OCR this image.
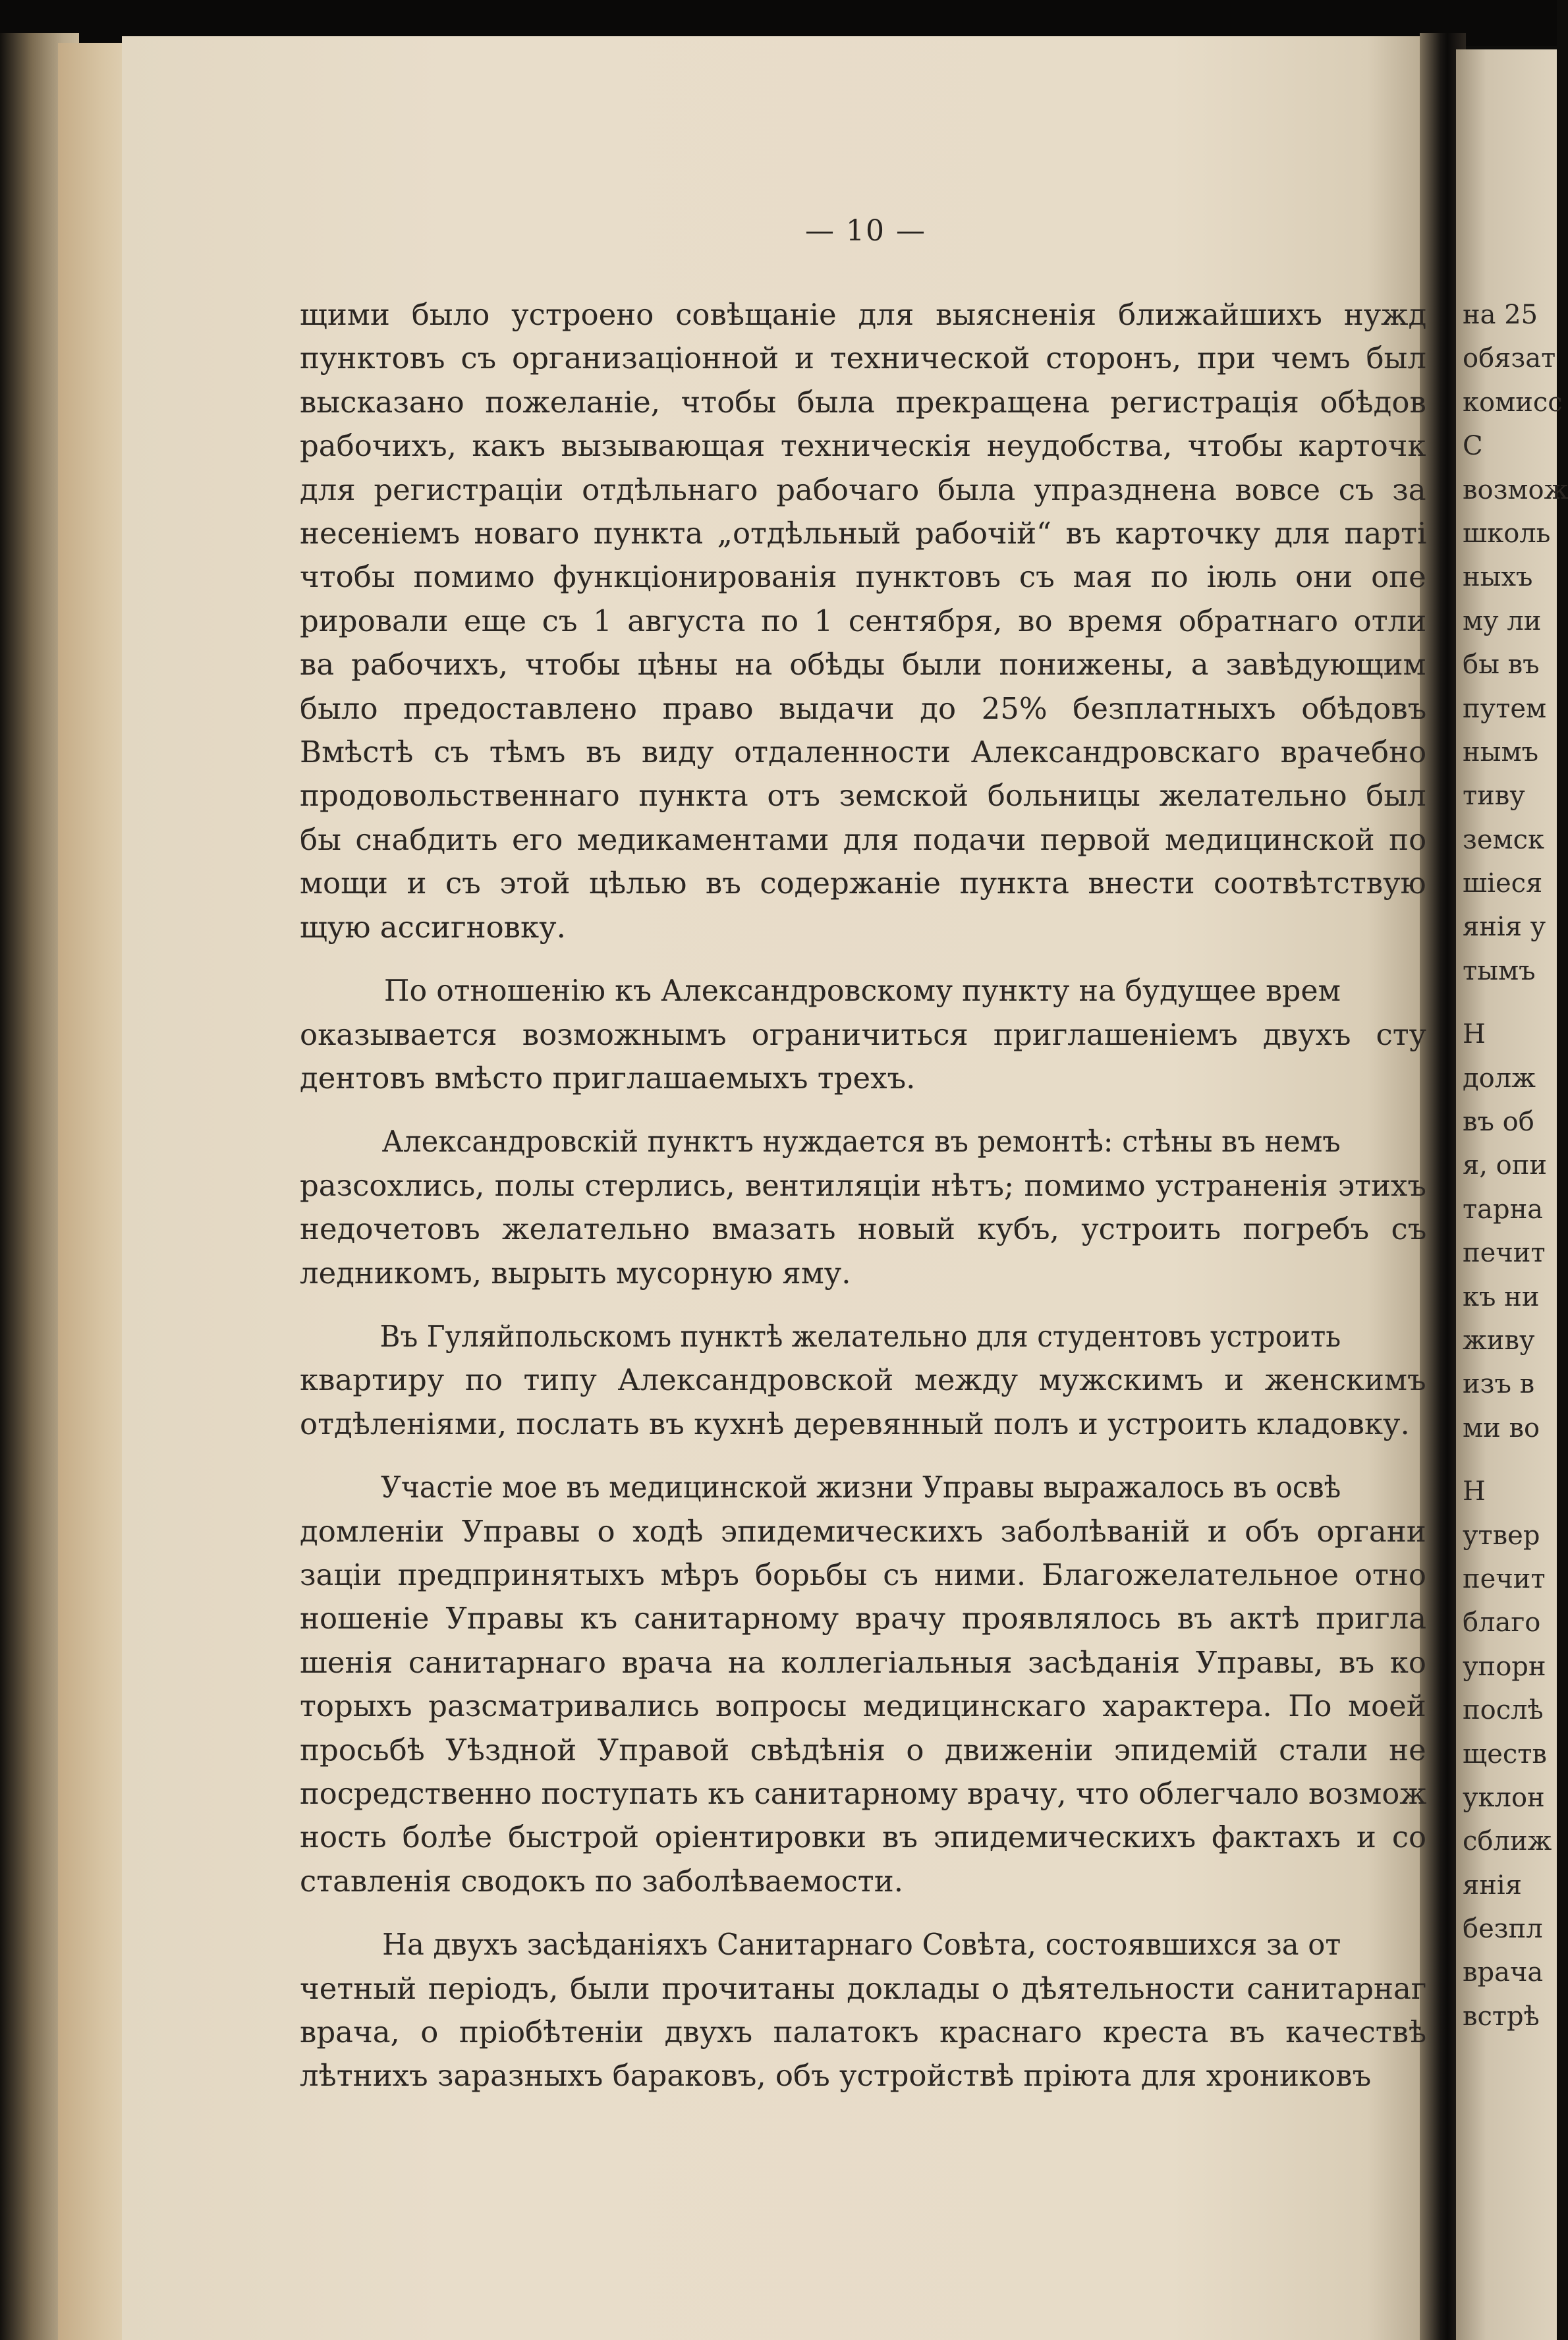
— 10 —

щими было устроено совѣщаніе для выясненія ближайшихъ нужд
пунктовъ съ организаціонной и технической сторонъ, при чемъ был
высказано пожеланіе, чтобы была прекращена регистрація обѣдов
рабочихъ, какъ вызывающая техническія неудобства, чтобы карточк
для регистраціи отдѣльнаго рабочаго была упразднена вовсе съ за
несеніемъ новаго пункта „отдѣльный рабочій“ въ карточку для парті
чтобы помимо функціонированія пунктовъ съ мая по іюль они опе
рировали еще съ 1 августа по 1 сентября, во время обратнаго отли
ва рабочихъ, чтобы цѣны на обѣды были понижены, а завѣдующим
было предоставлено право выдачи до 25% безплатныхъ обѣдовъ
Вмѣстѣ съ тѣмъ въ виду отдаленности Александровскаго врачебно
продовольственнаго пункта отъ земской больницы желательно был
бы снабдить его медикаментами для подачи первой медицинской по
мощи и съ этой цѣлью въ содержаніе пункта внести соотвѣтствую
щую ассигновку.
По отношенію къ Александровскому пункту на будущее врем
оказывается возможнымъ ограничиться приглашеніемъ двухъ сту
дентовъ вмѣсто приглашаемыхъ трехъ.
Александровскій пунктъ нуждается въ ремонтѣ: стѣны въ немъ
разсохлись, полы стерлись, вентиляціи нѣтъ; помимо устраненія этихъ
недочетовъ желательно вмазать новый кубъ, устроить погребъ съ
ледникомъ, вырыть мусорную яму.
Въ Гуляйпольскомъ пунктѣ желательно для студентовъ устроить
квартиру по типу Александровской между мужскимъ и женскимъ
отдѣленіями, послать въ кухнѣ деревянный полъ и устроить кладовку.
Участіе мое въ медицинской жизни Управы выражалось въ освѣ
домленіи Управы о ходѣ эпидемическихъ заболѣваній и объ органи
заціи предпринятыхъ мѣръ борьбы съ ними. Благожелательное отно
ношеніе Управы къ санитарному врачу проявлялось въ актѣ пригла
шенія санитарнаго врача на коллегіальныя засѣданія Управы, въ ко
торыхъ разсматривались вопросы медицинскаго характера. По моей
просьбѣ Уѣздной Управой свѣдѣнія о движеніи эпидемій стали не
посредственно поступать къ санитарному врачу, что облегчало возмож
ность болѣе быстрой оріентировки въ эпидемическихъ фактахъ и со
ставленія сводокъ по заболѣваемости.
На двухъ засѣданіяхъ Санитарнаго Совѣта, состоявшихся за от
четный періодъ, были прочитаны доклады о дѣятельности санитарнаг
врача, о пріобѣтеніи двухъ палатокъ краснаго креста въ качествѣ
лѣтнихъ заразныхъ бараковъ, объ устройствѣ пріюта для хрониковъ
на 25
обязат
комисс
С
возмож
школь
ныхъ
му ли
бы въ
путем
нымъ
тиву
земск
шіеся
янія у
тымъ
Н
долж
въ об
я, опи
тарна
печит
къ ни
живу
изъ в
ми во
Н
утвер
печит
благо
упорн
послѣ
ществ
уклон
сближ
янія
безпл
врача
встрѣ
